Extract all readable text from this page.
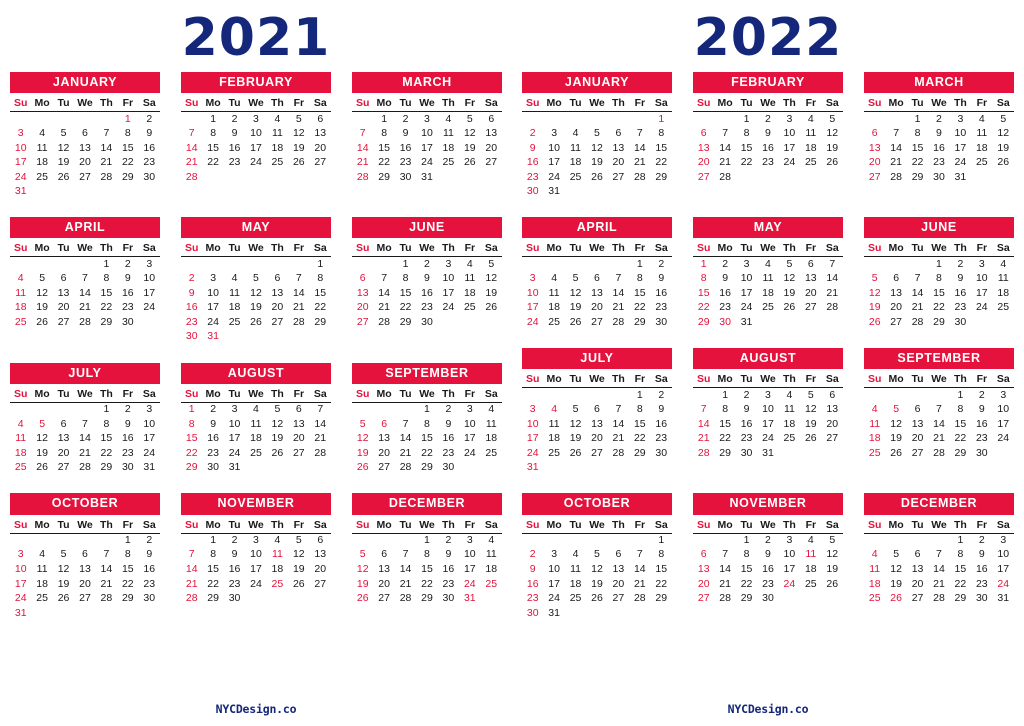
2021	2022
JANUARY
Su	Mo	Tu	We	Th	Fr	Sa
					1	2
3	4	5	6	7	8	9
10	11	12	13	14	15	16
17	18	19	20	21	22	23
24	25	26	27	28	29	30
31						
FEBRUARY
Su	Mo	Tu	We	Th	Fr	Sa
	1	2	3	4	5	6
7	8	9	10	11	12	13
14	15	16	17	18	19	20
21	22	23	24	25	26	27
28						
MARCH
Su	Mo	Tu	We	Th	Fr	Sa
	1	2	3	4	5	6
7	8	9	10	11	12	13
14	15	16	17	18	19	20
21	22	23	24	25	26	27
28	29	30	31			
APRIL
Su	Mo	Tu	We	Th	Fr	Sa
				1	2	3
4	5	6	7	8	9	10
11	12	13	14	15	16	17
18	19	20	21	22	23	24
25	26	27	28	29	30	
MAY
Su	Mo	Tu	We	Th	Fr	Sa
						1
2	3	4	5	6	7	8
9	10	11	12	13	14	15
16	17	18	19	20	21	22
23	24	25	26	27	28	29
30	31					
JUNE
Su	Mo	Tu	We	Th	Fr	Sa
		1	2	3	4	5
6	7	8	9	10	11	12
13	14	15	16	17	18	19
20	21	22	23	24	25	26
27	28	29	30			
JULY
Su	Mo	Tu	We	Th	Fr	Sa
				1	2	3
4	5	6	7	8	9	10
11	12	13	14	15	16	17
18	19	20	21	22	23	24
25	26	27	28	29	30	31
AUGUST
Su	Mo	Tu	We	Th	Fr	Sa
1	2	3	4	5	6	7
8	9	10	11	12	13	14
15	16	17	18	19	20	21
22	23	24	25	26	27	28
29	30	31				
SEPTEMBER
Su	Mo	Tu	We	Th	Fr	Sa
			1	2	3	4
5	6	7	8	9	10	11
12	13	14	15	16	17	18
19	20	21	22	23	24	25
26	27	28	29	30		
OCTOBER
Su	Mo	Tu	We	Th	Fr	Sa
					1	2
3	4	5	6	7	8	9
10	11	12	13	14	15	16
17	18	19	20	21	22	23
24	25	26	27	28	29	30
31						
NOVEMBER
Su	Mo	Tu	We	Th	Fr	Sa
	1	2	3	4	5	6
7	8	9	10	11	12	13
14	15	16	17	18	19	20
21	22	23	24	25	26	27
28	29	30				
DECEMBER
Su	Mo	Tu	We	Th	Fr	Sa
			1	2	3	4
5	6	7	8	9	10	11
12	13	14	15	16	17	18
19	20	21	22	23	24	25
26	27	28	29	30	31	
JANUARY
Su	Mo	Tu	We	Th	Fr	Sa
						1
2	3	4	5	6	7	8
9	10	11	12	13	14	15
16	17	18	19	20	21	22
23	24	25	26	27	28	29
30	31					
FEBRUARY
Su	Mo	Tu	We	Th	Fr	Sa
		1	2	3	4	5
6	7	8	9	10	11	12
13	14	15	16	17	18	19
20	21	22	23	24	25	26
27	28					
MARCH
Su	Mo	Tu	We	Th	Fr	Sa
		1	2	3	4	5
6	7	8	9	10	11	12
13	14	15	16	17	18	19
20	21	22	23	24	25	26
27	28	29	30	31		
APRIL
Su	Mo	Tu	We	Th	Fr	Sa
					1	2
3	4	5	6	7	8	9
10	11	12	13	14	15	16
17	18	19	20	21	22	23
24	25	26	27	28	29	30
MAY
Su	Mo	Tu	We	Th	Fr	Sa
1	2	3	4	5	6	7
8	9	10	11	12	13	14
15	16	17	18	19	20	21
22	23	24	25	26	27	28
29	30	31				
JUNE
Su	Mo	Tu	We	Th	Fr	Sa
			1	2	3	4
5	6	7	8	9	10	11
12	13	14	15	16	17	18
19	20	21	22	23	24	25
26	27	28	29	30		
JULY
Su	Mo	Tu	We	Th	Fr	Sa
					1	2
3	4	5	6	7	8	9
10	11	12	13	14	15	16
17	18	19	20	21	22	23
24	25	26	27	28	29	30
31						
AUGUST
Su	Mo	Tu	We	Th	Fr	Sa
	1	2	3	4	5	6
7	8	9	10	11	12	13
14	15	16	17	18	19	20
21	22	23	24	25	26	27
28	29	30	31			
SEPTEMBER
Su	Mo	Tu	We	Th	Fr	Sa
				1	2	3
4	5	6	7	8	9	10
11	12	13	14	15	16	17
18	19	20	21	22	23	24
25	26	27	28	29	30	
OCTOBER
Su	Mo	Tu	We	Th	Fr	Sa
						1
2	3	4	5	6	7	8
9	10	11	12	13	14	15
16	17	18	19	20	21	22
23	24	25	26	27	28	29
30	31					
NOVEMBER
Su	Mo	Tu	We	Th	Fr	Sa
		1	2	3	4	5
6	7	8	9	10	11	12
13	14	15	16	17	18	19
20	21	22	23	24	25	26
27	28	29	30			
DECEMBER
Su	Mo	Tu	We	Th	Fr	Sa
				1	2	3
4	5	6	7	8	9	10
11	12	13	14	15	16	17
18	19	20	21	22	23	24
25	26	27	28	29	30	31
NYCDesign.co	NYCDesign.co
